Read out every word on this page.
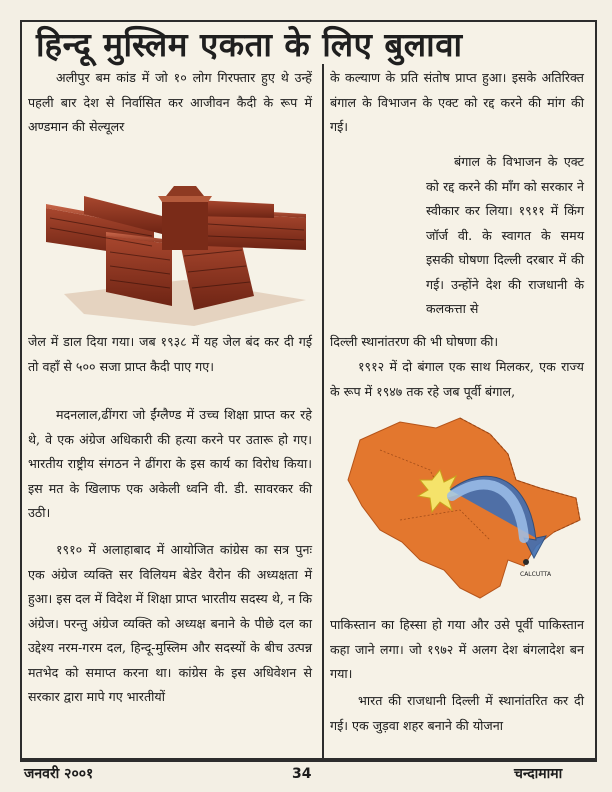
हिन्दू मुस्लिम एकता के लिए बुलावा

अलीपुर बम कांड में जो १० लोग गिरफ्तार हुए थे उन्हें पहली बार देश से निर्वासित कर आजीवन कैदी के रूप में अण्डमान की सेल्यूलर

जेल में डाल दिया गया। जब १९३८ में यह जेल बंद कर दी गई तो वहाँ से ५०० सजा प्राप्त कैदी पाए गए।

मदनलाल,ढींगरा जो ईंग्लैण्ड में उच्च शिक्षा प्राप्त कर रहे थे, वे एक अंग्रेज अधिकारी की हत्या करने पर उतारू हो गए। भारतीय राष्ट्रीय संगठन ने ढींगरा के इस कार्य का विरोध किया। इस मत के खिलाफ एक अकेली ध्वनि वी. डी. सावरकर की उठी।

१९१० में अलाहाबाद में आयोजित कांग्रेस का सत्र पुनः एक अंग्रेज व्यक्ति सर विलियम बेडेर वैरोन की अध्यक्षता में हुआ। इस दल में विदेश में शिक्षा प्राप्त भारतीय सदस्य थे, न कि अंग्रेज। परन्तु अंग्रेज व्यक्ति को अध्यक्ष बनाने के पीछे दल का उद्देश्य नरम-गरम दल, हिन्दू-मुस्लिम और सदस्यों के बीच उत्पन्न मतभेद को समाप्त करना था। कांग्रेस के इस अधिवेशन से सरकार द्वारा मापे गए भारतीयों

के कल्याण के प्रति संतोष प्राप्त हुआ। इसके अतिरिक्त बंगाल के विभाजन के एक्ट को रद्द करने की मांग की गई।

बंगाल के विभाजन के एक्ट को रद्द करने की माँग को सरकार ने स्वीकार कर लिया। १९११ में किंग जॉर्ज वी. के स्वागत के समय इसकी घोषणा दिल्ली दरबार में की गई। उन्होंने देश की राजधानी के कलकत्ता से

दिल्ली स्थानांतरण की भी घोषणा की।

१९१२ में दो बंगाल एक साथ मिलकर, एक राज्य के रूप में १९४७ तक रहे जब पूर्वी बंगाल,

CALCUTTA

पाकिस्तान का हिस्सा हो गया और उसे पूर्वी पाकिस्तान कहा जाने लगा। जो १९७२ में अलग देश बंगलादेश बन गया।

भारत की राजधानी दिल्ली में स्थानांतरित कर दी गई। एक जुड़वा शहर बनाने की योजना

जनवरी २००१	34	चन्दामामा
